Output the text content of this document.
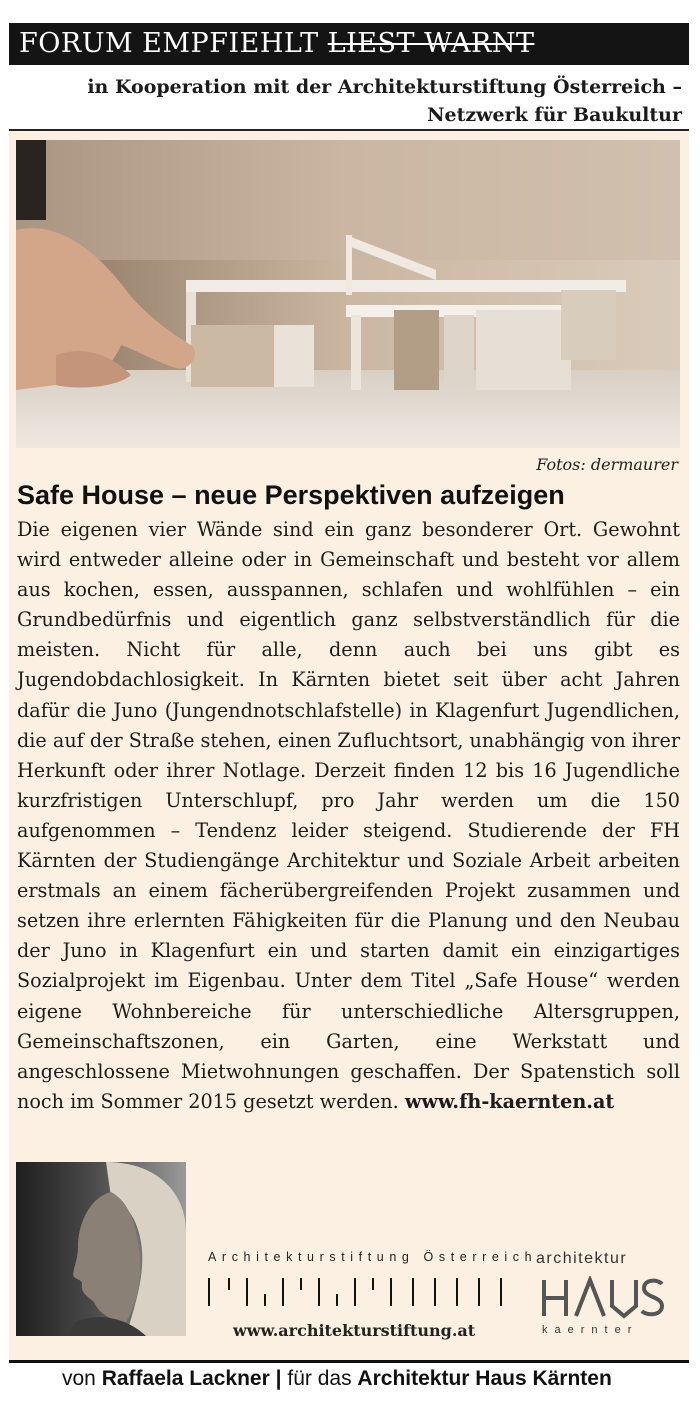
FORUM EMPFIEHLT LIEST WARNT
in Kooperation mit der Architekturstiftung Österreich –
Netzwerk für Baukultur
Fotos: dermaurer
Safe House – neue Perspektiven aufzeigen

Die eigenen vier Wände sind ein ganz besonderer Ort. Gewohnt wird entweder alleine oder in Gemeinschaft und besteht vor allem aus kochen, essen, ausspannen, schlafen und wohlfühlen – ein Grundbedürfnis und eigentlich ganz selbstverständlich für die meisten. Nicht für alle, denn auch bei uns gibt es Jugendobdachlosigkeit. In Kärnten bietet seit über acht Jahren dafür die Juno (Jungendnotschlafstelle) in Klagenfurt Jugendlichen, die auf der Straße stehen, einen Zufluchtsort, unabhängig von ihrer Herkunft oder ihrer Notlage. Derzeit finden 12 bis 16 Jugendliche kurzfristigen Unterschlupf, pro Jahr werden um die 150 aufgenommen – Tendenz leider steigend. Studierende der FH Kärnten der Studiengänge Architektur und Soziale Arbeit arbeiten erstmals an einem fächerübergreifenden Projekt zusammen und setzen ihre erlernten Fähigkeiten für die Planung und den Neubau der Juno in Klagenfurt ein und starten damit ein einzigartiges Sozialprojekt im Eigenbau. Unter dem Titel „Safe House“ werden eigene Wohnbereiche für unterschiedliche Altersgruppen, Gemeinschaftszonen, ein Garten, eine Werkstatt und angeschlossene Mietwohnungen geschaffen. Der Spatenstich soll noch im Sommer 2015 gesetzt werden. www.fh-kaernten.at

Architekturstiftung Österreich
www.architekturstiftung.at
architektur
kaernter
von Raffaela Lackner | für das Architektur Haus Kärnten
